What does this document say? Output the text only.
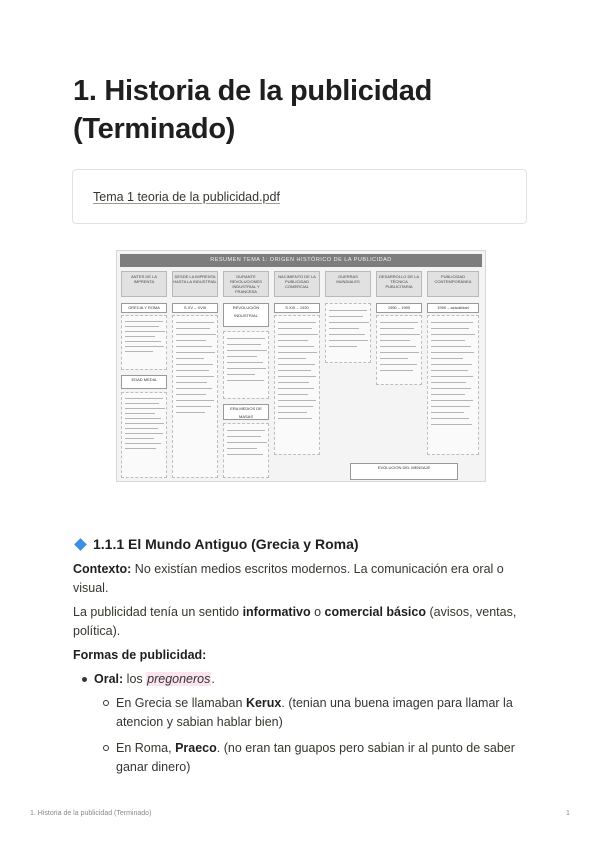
1. Historia de la publicidad (Terminado)
Tema 1 teoria de la publicidad.pdf
RESUMEN TEMA 1: ORIGEN HISTÓRICO DE LA PUBLICIDAD
ANTES DE LA IMPRENTA
DESDE LA IMPRENTA HASTA LA INDUSTRIAL
DURANTE REVOLUCIONES INDUSTRIAL Y FRANCESA
NACIMIENTO DE LA PUBLICIDAD COMERCIAL
GUERRAS MUNDIALES
DESARROLLO DE LA TÉCNICA PUBLICITARIA
PUBLICIDAD CONTEMPORÁNEA
GRECIA Y ROMA	S.XV – XVIII	REVOLUCIÓN INDUSTRIAL
S.XIX – 1920	1950 – 1990	1990 – actualidad
EDAD MEDIA
ERA MEDIOS DE MASAS
EVOLUCIÓN DEL MENSAJE
1.1.1 El Mundo Antiguo (Grecia y Roma)
Contexto: No existían medios escritos modernos. La comunicación era oral o visual.
La publicidad tenía un sentido informativo o comercial básico (avisos, ventas, política).
Formas de publicidad:
Oral: los pregoneros.
En Grecia se llamaban Kerux. (tenian una buena imagen para llamar la atencion y sabian hablar bien)
En Roma, Praeco. (no eran tan guapos pero sabian ir al punto de saber ganar dinero)
1. Historia de la publicidad (Terminado)	1
